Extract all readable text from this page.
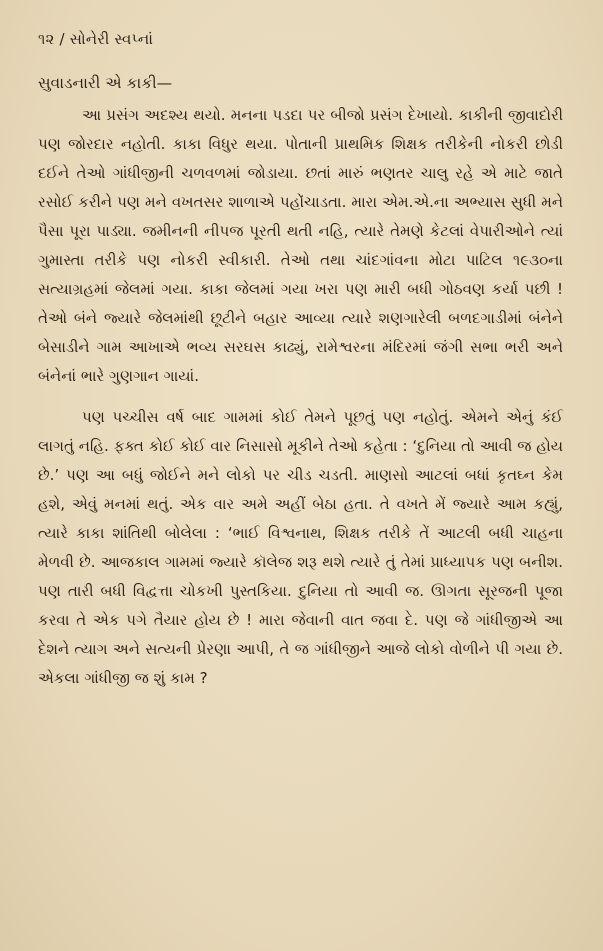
૧૨ / સોનેરી સ્વપ્નાં
સુવાડનારી એ કાકી—

આ પ્રસંગ અદશ્ય થયો. મનના પડદા પર બીજો પ્રસંગ દેખાયો. કાકીની જીવાદોરી પણ જોરદાર નહોતી. કાકા વિધુર થયા. પોતાની પ્રાથમિક શિક્ષક તરીકેની નોકરી છોડી દઈને તેઓ ગાંધીજીની ચળવળમાં જોડાયા. છતાં મારું ભણતર ચાલુ રહે એ માટે જાતે રસોઈ કરીને પણ મને વખતસર શાળાએ પહોંચાડતા. મારા એમ.એ.ના અભ્યાસ સુધી મને પૈસા પૂરા પાડ્યા. જમીનની નીપજ પૂરતી થતી નહિ, ત્યારે તેમણે કેટલાં વેપારીઓને ત્યાં ગુમાસ્તા તરીકે પણ નોકરી સ્વીકારી. તેઓ તથા ચાંદગાંવના મોટા પાટિલ ૧૯૩૦ના સત્યાગ્રહમાં જેલમાં ગયા. કાકા જેલમાં ગયા ખરા પણ મારી બધી ગોઠવણ કર્યા પછી ! તેઓ બંને જ્યારે જેલમાંથી છૂટીને બહાર આવ્યા ત્યારે શણગારેલી બળદગાડીમાં બંનેને બેસાડીને ગામ આખાએ ભવ્ય સરઘસ કાઢ્યું, રામેશ્વરના મંદિરમાં જંગી સભા ભરી અને બંનેનાં ભારે ગુણગાન ગાયાં.

પણ પચ્ચીસ વર્ષ બાદ ગામમાં કોઈ તેમને પૂછતું પણ નહોતું. એમને એનું કંઈ લાગતું નહિ. ફક્ત કોઈ કોઈ વાર નિસાસો મૂકીને તેઓ કહેતા : ‘દુનિયા તો આવી જ હોય છે.’ પણ આ બધું જોઈને મને લોકો પર ચીડ ચડતી. માણસો આટલાં બધાં કૃતઘ્ન કેમ હશે, એવું મનમાં થતું. એક વાર અમે અહીં બેઠા હતા. તે વખતે મેં જ્યારે આમ કહ્યું, ત્યારે કાકા શાંતિથી બોલેલા : ‘ભાઈ વિશ્વનાથ, શિક્ષક તરીકે તેં આટલી બધી ચાહના મેળવી છે. આજકાલ ગામમાં જ્યારે કૉલેજ શરૂ થશે ત્યારે તું તેમાં પ્રાધ્યાપક પણ બનીશ. પણ તારી બધી વિદ્વત્તા ચોકખી પુસ્તકિયા. દુનિયા તો આવી જ. ઊગતા સૂરજની પૂજા કરવા તે એક પગે તૈયાર હોય છે ! મારા જેવાની વાત જવા દે. પણ જે ગાંધીજીએ આ દેશને ત્યાગ અને સત્યની પ્રેરણા આપી, તે જ ગાંધીજીને આજે લોકો વોળીને પી ગયા છે. એકલા ગાંધીજી જ શું કામ ?
